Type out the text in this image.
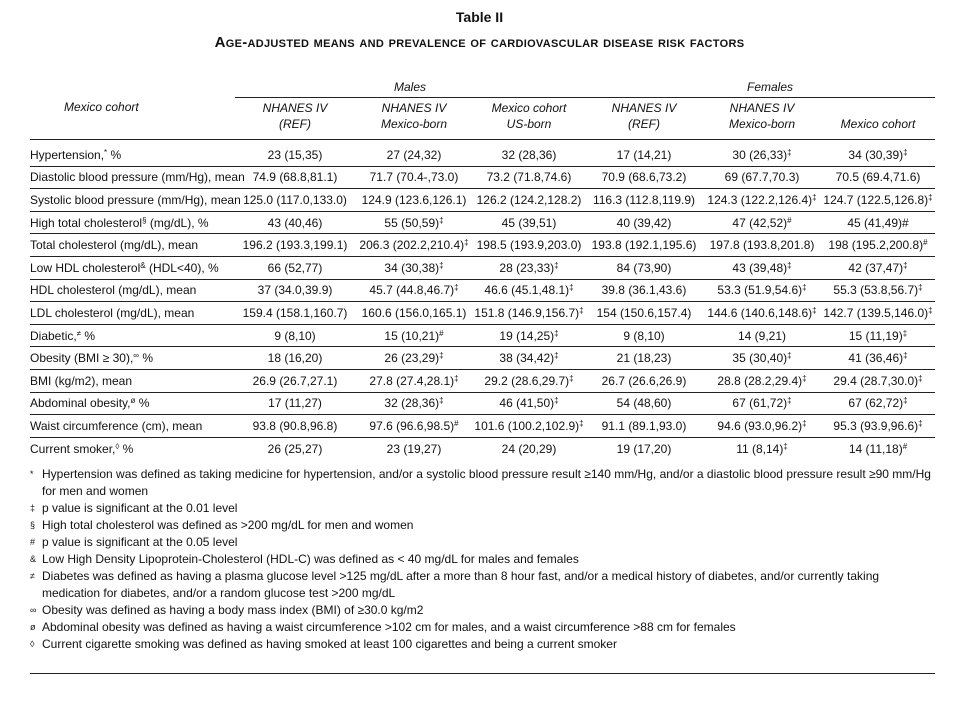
Table II
Age-adjusted means and prevalence of cardiovascular disease risk factors
	Males			Females		
Mexico cohort	NHANES IV	NHANES IV	Mexico cohort	NHANES IV	NHANES IV	
	(REF)	Mexico-born	US-born	(REF)	Mexico-born	Mexico cohort
Hypertension,* %	23 (15,35)	27 (24,32)	32 (28,36)	17 (14,21)	30 (26,33)‡	34 (30,39)‡
Diastolic blood pressure (mm/Hg), mean	74.9 (68.8,81.1)	71.7 (70.4-,73.0)	73.2 (71.8,74.6)	70.9 (68.6,73.2)	69 (67.7,70.3)	70.5 (69.4,71.6)
Systolic blood pressure (mm/Hg), mean	125.0 (117.0,133.0)	124.9 (123.6,126.1)	126.2 (124.2,128.2)	116.3 (112.8,119.9)	124.3 (122.2,126.4)‡	124.7 (122.5,126.8)‡
High total cholesterol§ (mg/dL), %	43 (40,46)	55 (50,59)‡	45 (39,51)	40 (39,42)	47 (42,52)#	45 (41,49)#
Total cholesterol (mg/dL), mean	196.2 (193.3,199.1)	206.3 (202.2,210.4)‡	198.5 (193.9,203.0)	193.8 (192.1,195.6)	197.8 (193.8,201.8)	198 (195.2,200.8)#
Low HDL cholesterol& (HDL<40), %	66 (52,77)	34 (30,38)‡	28 (23,33)‡	84 (73,90)	43 (39,48)‡	42 (37,47)‡
HDL cholesterol (mg/dL), mean	37 (34.0,39.9)	45.7 (44.8,46.7)‡	46.6 (45.1,48.1)‡	39.8 (36.1,43.6)	53.3 (51.9,54.6)‡	55.3 (53.8,56.7)‡
LDL cholesterol (mg/dL), mean	159.4 (158.1,160.7)	160.6 (156.0,165.1)	151.8 (146.9,156.7)‡	154 (150.6,157.4)	144.6 (140.6,148.6)‡	142.7 (139.5,146.0)‡
Diabetic,≠ %	9 (8,10)	15 (10,21)#	19 (14,25)‡	9 (8,10)	14 (9,21)	15 (11,19)‡
Obesity (BMI ≥ 30),∞ %	18 (16,20)	26 (23,29)‡	38 (34,42)‡	21 (18,23)	35 (30,40)‡	41 (36,46)‡
BMI (kg/m2), mean	26.9 (26.7,27.1)	27.8 (27.4,28.1)‡	29.2 (28.6,29.7)‡	26.7 (26.6,26.9)	28.8 (28.2,29.4)‡	29.4 (28.7,30.0)‡
Abdominal obesity,$^ø$ %	17 (11,27)	32 (28,36)‡	46 (41,50)‡	54 (48,60)	67 (61,72)‡	67 (62,72)‡
Waist circumference (cm), mean	93.8 (90.8,96.8)	97.6 (96.6,98.5)#	101.6 (100.2,102.9)‡	91.1 (89.1,93.0)	94.6 (93.0,96.2)‡	95.3 (93.9,96.6)‡
Current smoker,◊ %	26 (25,27)	23 (19,27)	24 (20,29)	19 (17,20)	11 (8,14)‡	14 (11,18)#
* Hypertension was defined as taking medicine for hypertension, and/or a systolic blood pressure result ≥140 mm/Hg, and/or a diastolic blood pressure result ≥90 mm/Hg for men and women
‡ p value is significant at the 0.01 level
§ High total cholesterol was defined as >200 mg/dL for men and women
# p value is significant at the 0.05 level
& Low High Density Lipoprotein-Cholesterol (HDL-C) was defined as < 40 mg/dL for males and females
≠ Diabetes was defined as having a plasma glucose level >125 mg/dL after a more than 8 hour fast, and/or a medical history of diabetes, and/or currently taking medication for diabetes, and/or a random glucose test >200 mg/dL
∞ Obesity was defined as having a body mass index (BMI) of ≥30.0 kg/m2
ø Abdominal obesity was defined as having a waist circumference >102 cm for males, and a waist circumference >88 cm for females
◊ Current cigarette smoking was defined as having smoked at least 100 cigarettes and being a current smoker
